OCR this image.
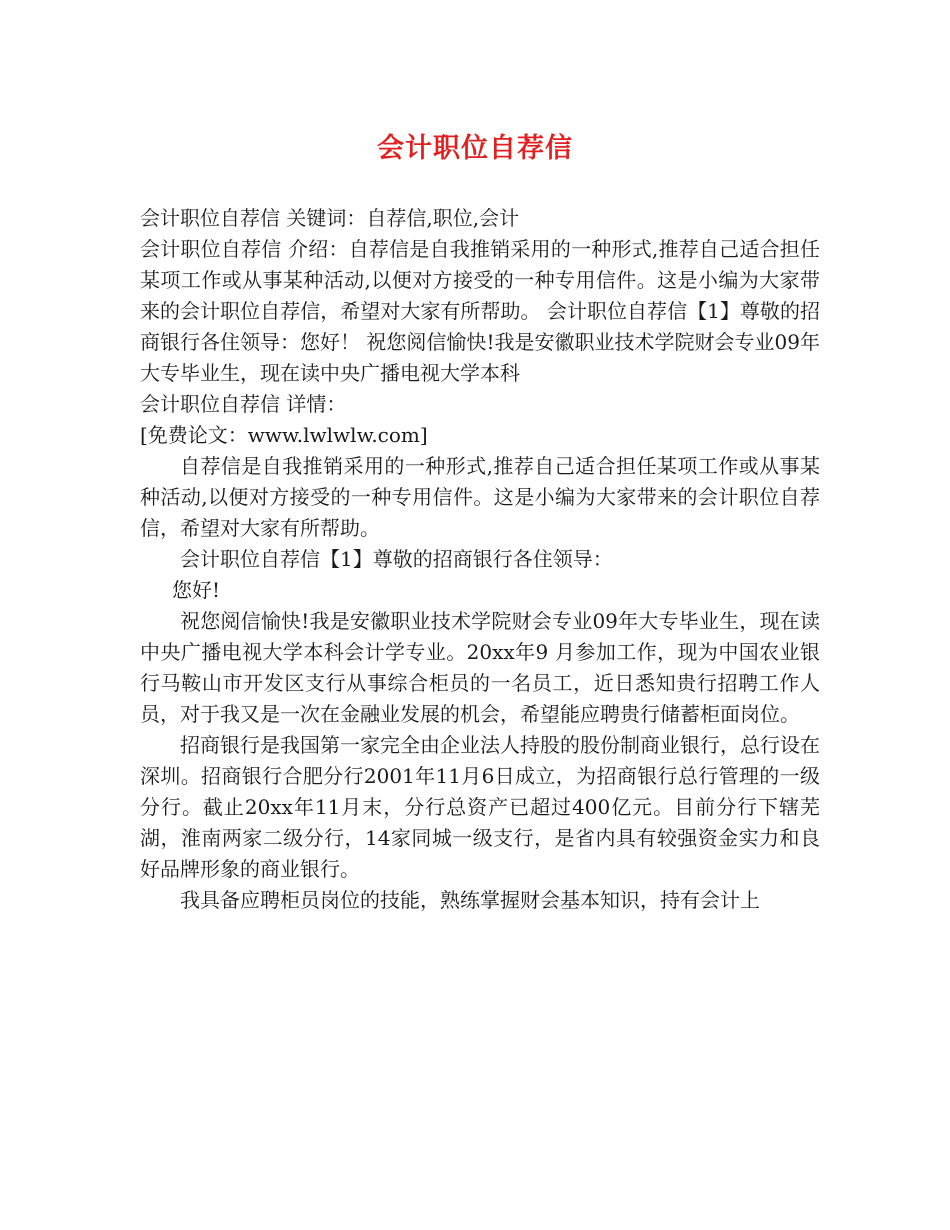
会计职位自荐信

会计职位自荐信 关键词：自荐信,职位,会计

会计职位自荐信 介绍：自荐信是自我推销采用的一种形式,推荐自己适合担任某项工作或从事某种活动,以便对方接受的一种专用信件。这是小编为大家带来的会计职位自荐信，希望对大家有所帮助。 会计职位自荐信【1】尊敬的招商银行各住领导：您好！ 祝您阅信愉快!我是安徽职业技术学院财会专业09年大专毕业生，现在读中央广播电视大学本科

会计职位自荐信 详情：

[免费论文：www.lwlwlw.com]

自荐信是自我推销采用的一种形式,推荐自己适合担任某项工作或从事某种活动,以便对方接受的一种专用信件。这是小编为大家带来的会计职位自荐信，希望对大家有所帮助。

会计职位自荐信【1】尊敬的招商银行各住领导：

您好!

祝您阅信愉快!我是安徽职业技术学院财会专业09年大专毕业生，现在读中央广播电视大学本科会计学专业。20xx年9 月参加工作，现为中国农业银行马鞍山市开发区支行从事综合柜员的一名员工，近日悉知贵行招聘工作人员，对于我又是一次在金融业发展的机会，希望能应聘贵行储蓄柜面岗位。

招商银行是我国第一家完全由企业法人持股的股份制商业银行，总行设在深圳。招商银行合肥分行2001年11月6日成立，为招商银行总行管理的一级分行。截止20xx年11月末，分行总资产已超过400亿元。目前分行下辖芜湖，淮南两家二级分行，14家同城一级支行，是省内具有较强资金实力和良好品牌形象的商业银行。

我具备应聘柜员岗位的技能，熟练掌握财会基本知识，持有会计上
